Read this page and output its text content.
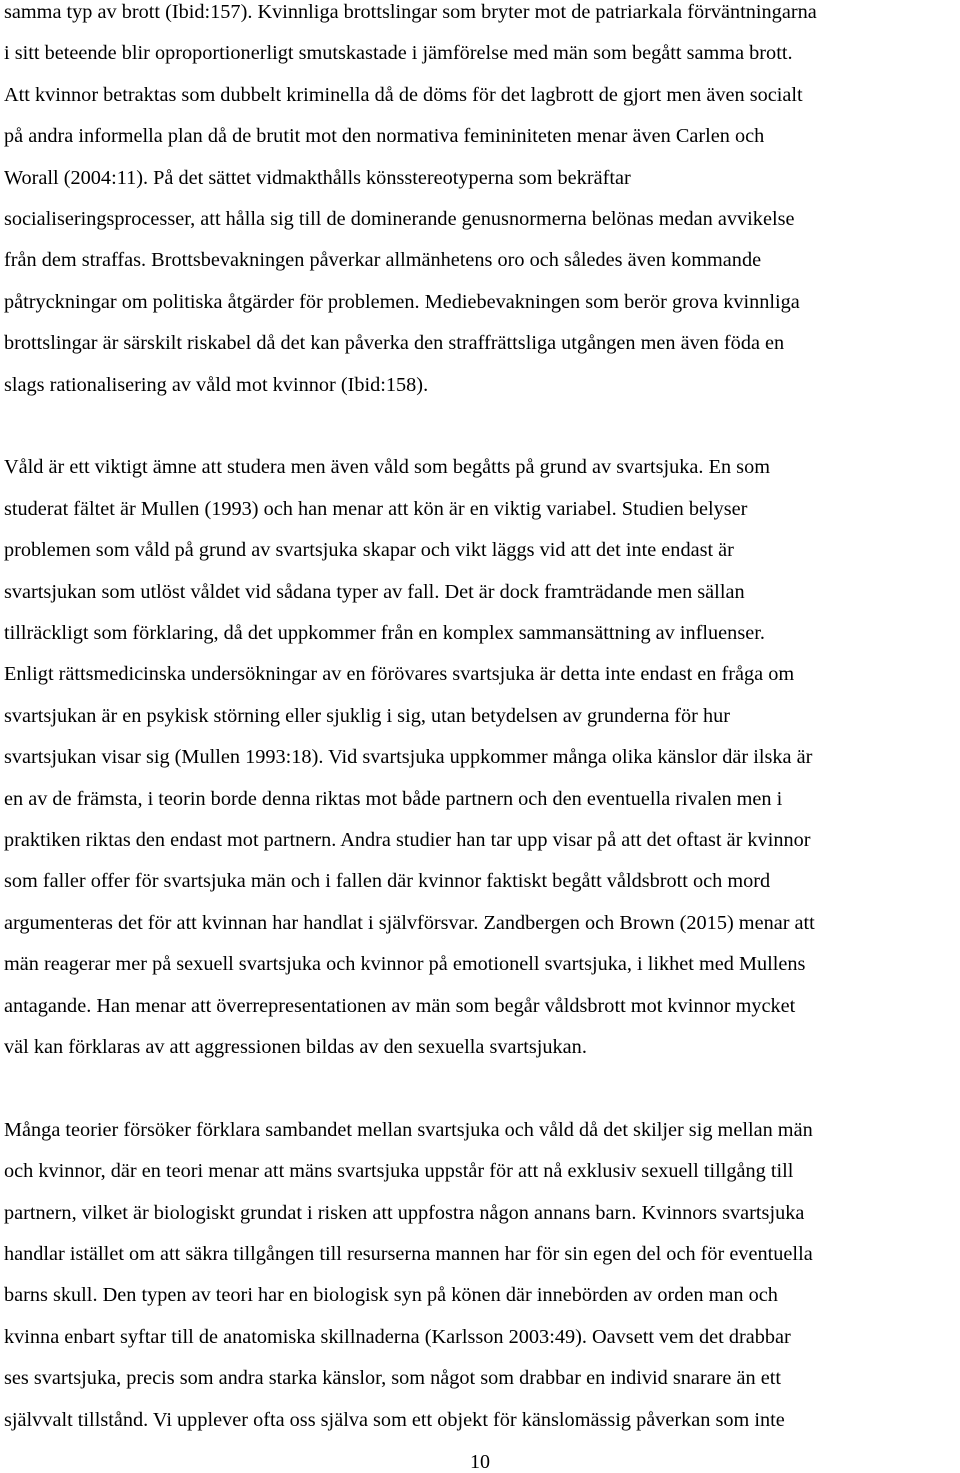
samma typ av brott (Ibid:157). Kvinnliga brottslingar som bryter mot de patriarkala förväntningarna
i sitt beteende blir oproportionerligt smutskastade i jämförelse med män som begått samma brott.
Att kvinnor betraktas som dubbelt kriminella då de döms för det lagbrott de gjort men även socialt
på andra informella plan då de brutit mot den normativa femininiteten menar även Carlen och
Worall (2004:11). På det sättet vidmakthålls könsstereotyperna som bekräftar
socialiseringsprocesser, att hålla sig till de dominerande genusnormerna belönas medan avvikelse
från dem straffas. Brottsbevakningen påverkar allmänhetens oro och således även kommande
påtryckningar om politiska åtgärder för problemen. Mediebevakningen som berör grova kvinnliga
brottslingar är särskilt riskabel då det kan påverka den straffrättsliga utgången men även föda en
slags rationalisering av våld mot kvinnor (Ibid:158).
Våld är ett viktigt ämne att studera men även våld som begåtts på grund av svartsjuka. En som
studerat fältet är Mullen (1993) och han menar att kön är en viktig variabel. Studien belyser
problemen som våld på grund av svartsjuka skapar och vikt läggs vid att det inte endast är
svartsjukan som utlöst våldet vid sådana typer av fall. Det är dock framträdande men sällan
tillräckligt som förklaring, då det uppkommer från en komplex sammansättning av influenser.
Enligt rättsmedicinska undersökningar av en förövares svartsjuka är detta inte endast en fråga om
svartsjukan är en psykisk störning eller sjuklig i sig, utan betydelsen av grunderna för hur
svartsjukan visar sig (Mullen 1993:18). Vid svartsjuka uppkommer många olika känslor där ilska är
en av de främsta, i teorin borde denna riktas mot både partnern och den eventuella rivalen men i
praktiken riktas den endast mot partnern. Andra studier han tar upp visar på att det oftast är kvinnor
som faller offer för svartsjuka män och i fallen där kvinnor faktiskt begått våldsbrott och mord
argumenteras det för att kvinnan har handlat i självförsvar. Zandbergen och Brown (2015) menar att
män reagerar mer på sexuell svartsjuka och kvinnor på emotionell svartsjuka, i likhet med Mullens
antagande. Han menar att överrepresentationen av män som begår våldsbrott mot kvinnor mycket
väl kan förklaras av att aggressionen bildas av den sexuella svartsjukan.
Många teorier försöker förklara sambandet mellan svartsjuka och våld då det skiljer sig mellan män
och kvinnor, där en teori menar att mäns svartsjuka uppstår för att nå exklusiv sexuell tillgång till
partnern, vilket är biologiskt grundat i risken att uppfostra någon annans barn. Kvinnors svartsjuka
handlar istället om att säkra tillgången till resurserna mannen har för sin egen del och för eventuella
barns skull. Den typen av teori har en biologisk syn på könen där innebörden av orden man och
kvinna enbart syftar till de anatomiska skillnaderna (Karlsson 2003:49). Oavsett vem det drabbar
ses svartsjuka, precis som andra starka känslor, som något som drabbar en individ snarare än ett
självvalt tillstånd. Vi upplever ofta oss själva som ett objekt för känslomässig påverkan som inte
10
